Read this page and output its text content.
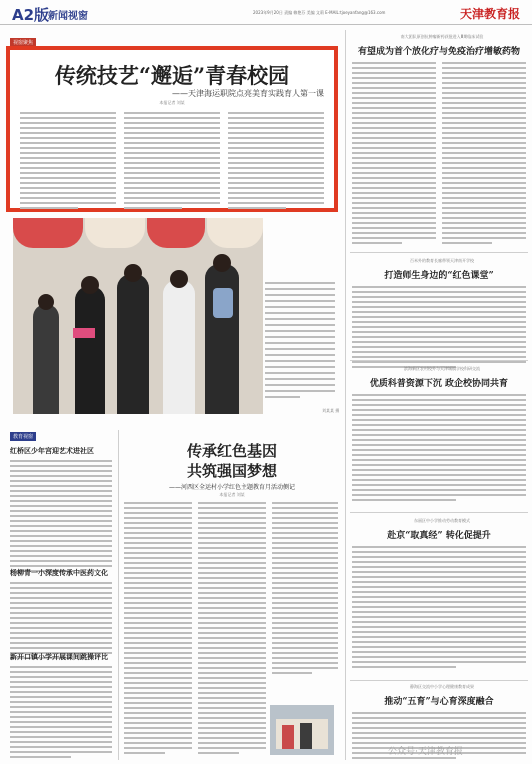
A2版
新闻视窗	2023年9月20日 责编 赖艳芬 美编 文莉 E-MAIL:tjoeyanfang@163.com	天津教育报
视窗聚焦
传统技艺“邂逅”青春校园
——天津海运职院点亮美育实践育人第一课
本报记者 刘某
刘某某 摄
南大团队原创抗肿瘤新药获批进入Ⅲ期临床试验
有望成为首个放化疗与免疫治疗增敏药物
百米外的教育长廊带领天津南开学校
打造师生身边的“红色课堂”
滨海新区农村校外与天津城镇学校科研交流
优质科普资源下沉 政企校协同共育
东丽区中小学推动劳动教育模式
赴京“取真经” 转化促提升
静海区交流中小学心理健康教育成果
推动“五育”与心育深度融合
教育视窗
红桥区少年宫迎艺术进社区
杨柳青一小深度传承中医药文化
新开口镇小学开展课间跳操评比
传承红色基因
共筑强国梦想
——河西区全运村小学红色主题教育月活动侧记
本报记者 刘某
公众号·天津教育报
